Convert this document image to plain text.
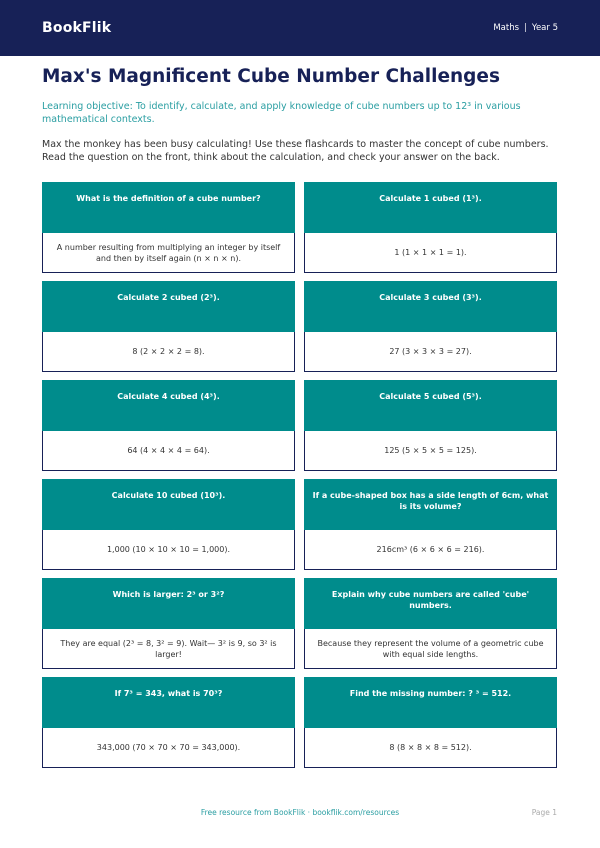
BookFlik	Maths | Year 5
Max's Magnificent Cube Number Challenges

Learning objective: To identify, calculate, and apply knowledge of cube numbers up to 12³ in various mathematical contexts.

Max the monkey has been busy calculating! Use these flashcards to master the concept of cube numbers. Read the question on the front, think about the calculation, and check your answer on the back.

What is the definition of a cube number?
A number resulting from multiplying an integer by itself and then by itself again (n × n × n).
Calculate 1 cubed (1³).
1 (1 × 1 × 1 = 1).
Calculate 2 cubed (2³).
8 (2 × 2 × 2 = 8).
Calculate 3 cubed (3³).
27 (3 × 3 × 3 = 27).
Calculate 4 cubed (4³).
64 (4 × 4 × 4 = 64).
Calculate 5 cubed (5³).
125 (5 × 5 × 5 = 125).
Calculate 10 cubed (10³).
1,000 (10 × 10 × 10 = 1,000).
If a cube-shaped box has a side length of 6cm, what is its volume?
216cm³ (6 × 6 × 6 = 216).
Which is larger: 2³ or 3²?
They are equal (2³ = 8, 3² = 9). Wait— 3² is 9, so 3² is larger!
Explain why cube numbers are called 'cube' numbers.
Because they represent the volume of a geometric cube with equal side lengths.
If 7³ = 343, what is 70³?
343,000 (70 × 70 × 70 = 343,000).
Find the missing number: ? ³ = 512.
8 (8 × 8 × 8 = 512).
Free resource from BookFlik · bookflik.com/resources	Page 1
